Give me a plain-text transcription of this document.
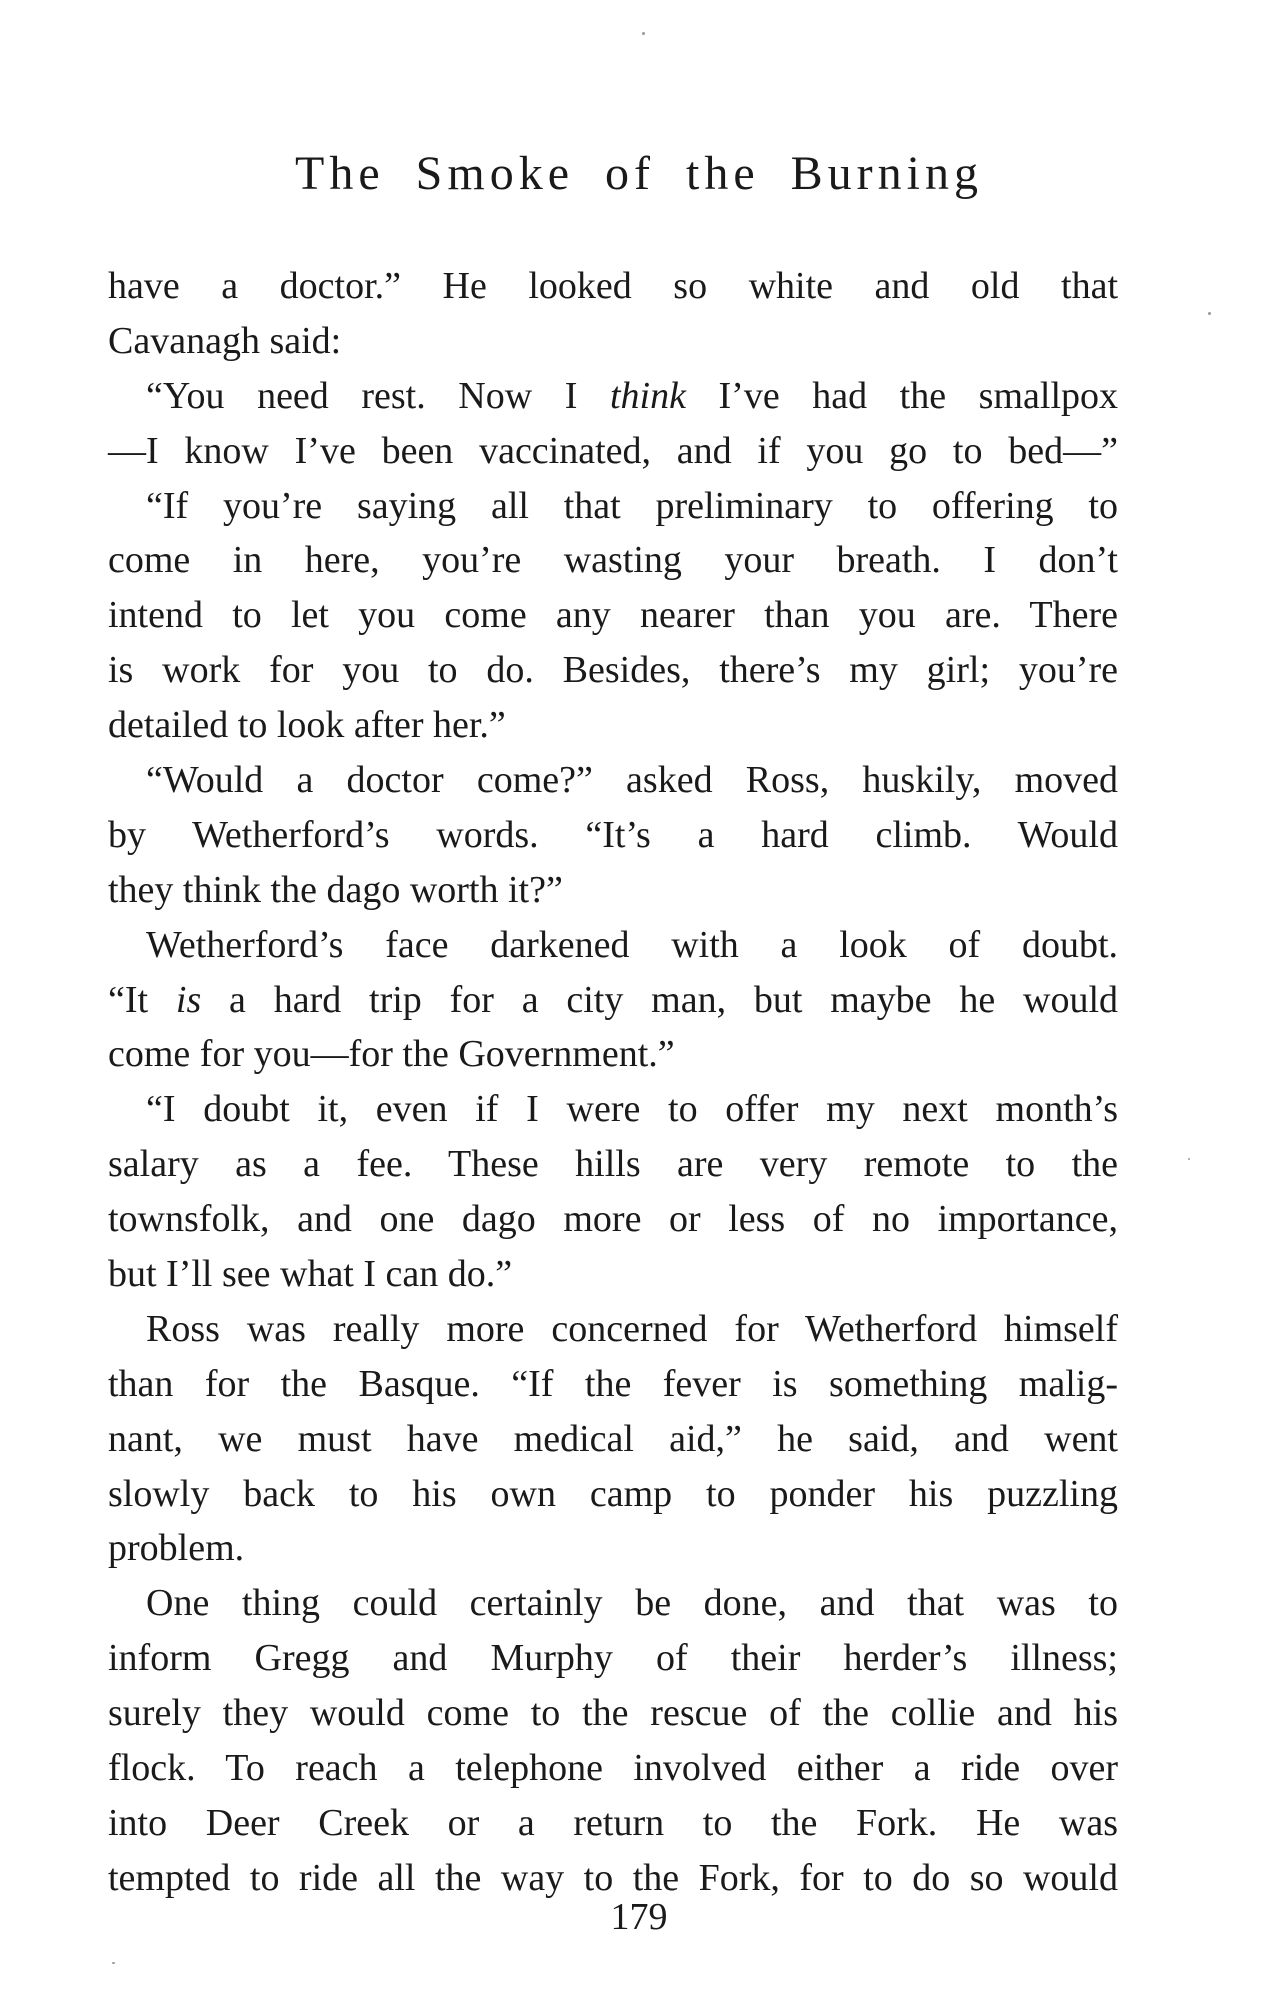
The Smoke of the Burning
have a doctor.” He looked so white and old that
Cavanagh said:
“You need rest. Now I think I’ve had the smallpox
—I know I’ve been vaccinated, and if you go to bed—”
“If you’re saying all that preliminary to offering to
come in here, you’re wasting your breath. I don’t
intend to let you come any nearer than you are. There
is work for you to do. Besides, there’s my girl; you’re
detailed to look after her.”
“Would a doctor come?” asked Ross, huskily, moved
by Wetherford’s words. “It’s a hard climb. Would
they think the dago worth it?”
Wetherford’s face darkened with a look of doubt.
“It is a hard trip for a city man, but maybe he would
come for you—for the Government.”
“I doubt it, even if I were to offer my next month’s
salary as a fee. These hills are very remote to the
townsfolk, and one dago more or less of no importance,
but I’ll see what I can do.”
Ross was really more concerned for Wetherford himself
than for the Basque. “If the fever is something malig-
nant, we must have medical aid,” he said, and went
slowly back to his own camp to ponder his puzzling
problem.
One thing could certainly be done, and that was to
inform Gregg and Murphy of their herder’s illness;
surely they would come to the rescue of the collie and his
flock. To reach a telephone involved either a ride over
into Deer Creek or a return to the Fork. He was
tempted to ride all the way to the Fork, for to do so would
179
